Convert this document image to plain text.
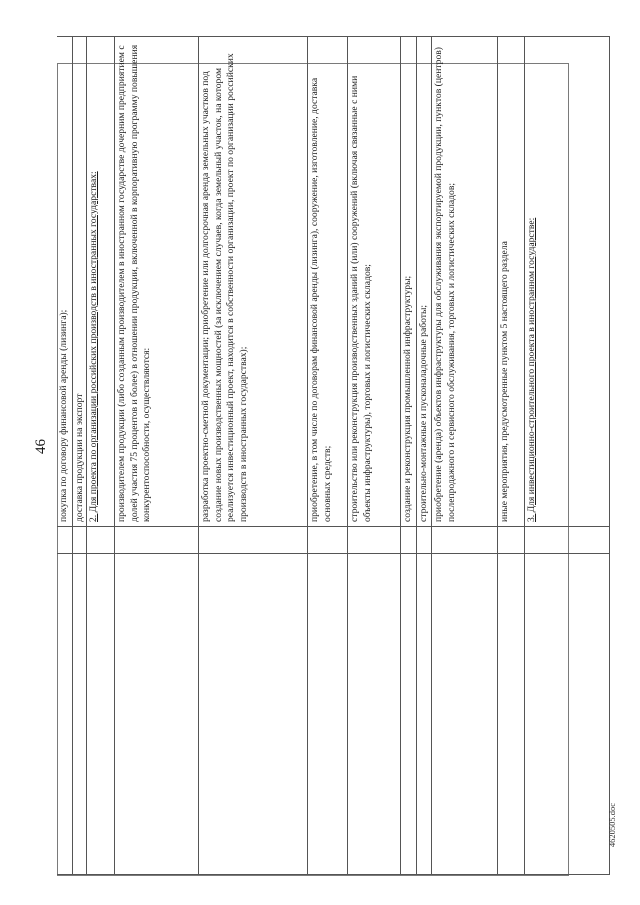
46
		покупка по договору финансовой аренды (лизинга);
		доставка продукции на экспорт
		2. Для проекта по организации российских производств в иностранных государствах:
		производителем продукции (либо созданным производителем в иностранном государстве дочерним предприятием с долей участия 75 процентов и более) в отношении продукции, включенной в корпоративную программу повышения конкурентоспособности, осуществляются:
		разработка проектно-сметной документации; приобретение или долгосрочная аренда земельных участков под создание новых производственных мощностей (за исключением случаев, когда земельный участок, на котором реализуется инвестиционный проект, находится в собственности организации, проект по организации российских производств в иностранных государствах);
		приобретение, в том числе по договорам финансовой аренды (лизинга), сооружение, изготовление, доставка основных средств;
		строительство или реконструкция производственных зданий и (или) сооружений (включая связанные с ними объекты инфраструктуры), торговых и логистических складов;
		создание и реконструкция промышленной инфраструктуры;
		строительно-монтажные и пусконаладочные работы;
		приобретение (аренда) объектов инфраструктуры для обслуживания экспортируемой продукции, пунктов (центров) послепродажного и сервисного обслуживания, торговых и логистических складов;
		иные мероприятия, предусмотренные пунктом 5 настоящего раздела
		3. Для инвестиционно-строительного проекта в иностранном государстве:
4620505.doc
